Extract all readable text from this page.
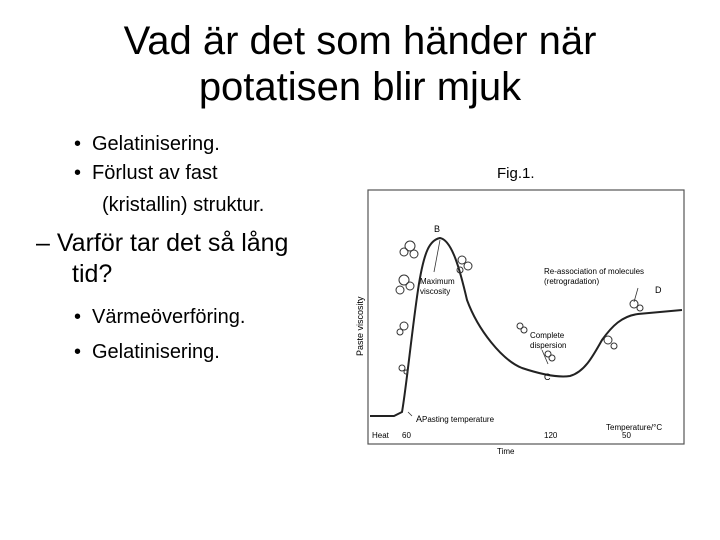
Vad är det som händer när
potatisen blir mjuk
• Gelatinisering.
• Förlust av fast
(kristallin) struktur.
– Varför tar det så lång
tid?
• Värmeöverföring.
• Gelatinisering.
Fig.1.
Paste viscosity
B
A
C
D
Maximum
viscosity
Re-association of molecules
(retrogradation)
Complete
dispersion
Pasting temperature
Temperature/°C
Heat 60	120	50
Time
